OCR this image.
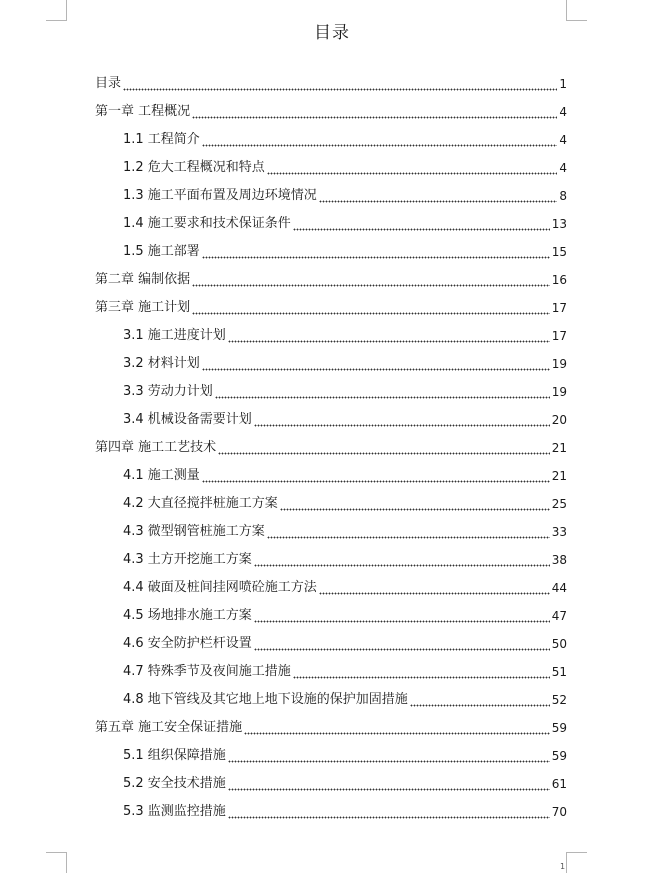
目录
目录	1
第一章 工程概况	4
1.1 工程简介	4
1.2 危大工程概况和特点	4
1.3 施工平面布置及周边环境情况	8
1.4 施工要求和技术保证条件	13
1.5 施工部署	15
第二章 编制依据	16
第三章 施工计划	17
3.1 施工进度计划	17
3.2 材料计划	19
3.3 劳动力计划	19
3.4 机械设备需要计划	20
第四章 施工工艺技术	21
4.1 施工测量	21
4.2 大直径搅拌桩施工方案	25
4.3 微型钢管桩施工方案	33
4.3 土方开挖施工方案	38
4.4 破面及桩间挂网喷砼施工方法	44
4.5 场地排水施工方案	47
4.6 安全防护栏杆设置	50
4.7 特殊季节及夜间施工措施	51
4.8 地下管线及其它地上地下设施的保护加固措施	52
第五章 施工安全保证措施	59
5.1 组织保障措施	59
5.2 安全技术措施	61
5.3 监测监控措施	70
1
